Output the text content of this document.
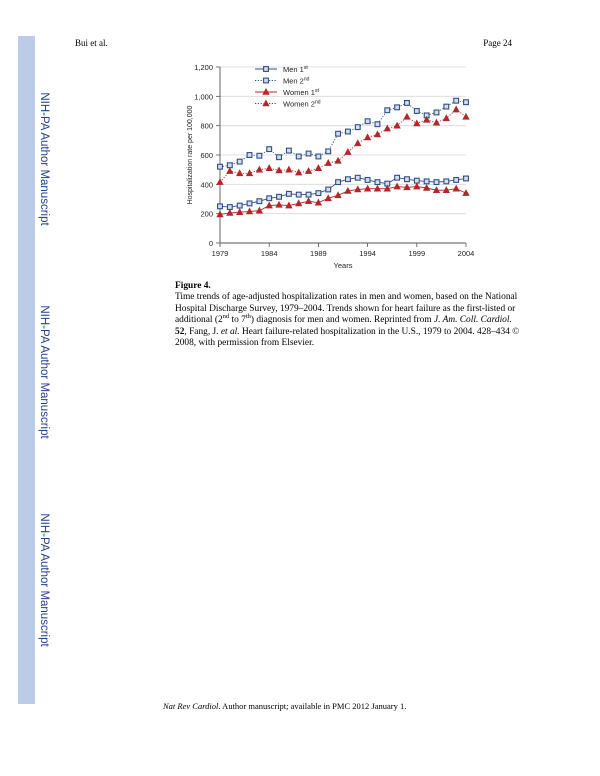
NIH-PA Author Manuscript
NIH-PA Author Manuscript
NIH-PA Author Manuscript
Bui et al.	Page 24
0
200
400
600
800
1,000
1,200
1979	1984	1989	1994	1999	2004
Men 1st
Men 2nd
Women 1st
Women 2nd
Years
Hospitalization rate per 100,000
Figure 4.
Time trends of age-adjusted hospitalization rates in men and women, based on the National Hospital Discharge Survey, 1979–2004. Trends shown for heart failure as the first-listed or additional (2nd to 7th) diagnosis for men and women. Reprinted from J. Am. Coll. Cardiol. 52, Fang, J. et al. Heart failure-related hospitalization in the U.S., 1979 to 2004. 428–434 © 2008, with permission from Elsevier.
Nat Rev Cardiol. Author manuscript; available in PMC 2012 January 1.
